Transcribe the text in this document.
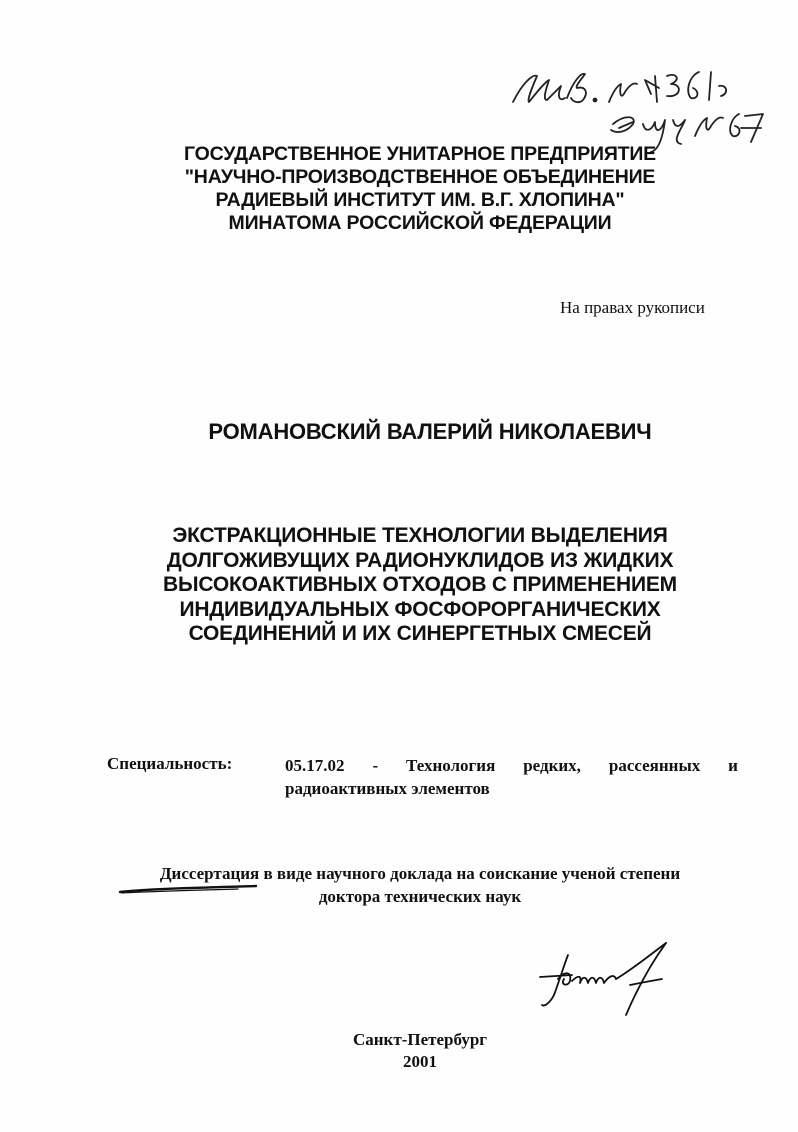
ГОСУДАРСТВЕННОЕ УНИТАРНОЕ ПРЕДПРИЯТИЕ
"НАУЧНО-ПРОИЗВОДСТВЕННОЕ ОБЪЕДИНЕНИЕ
РАДИЕВЫЙ ИНСТИТУТ ИМ. В.Г. ХЛОПИНА"
МИНАТОМА РОССИЙСКОЙ ФЕДЕРАЦИИ
На правах рукописи
РОМАНОВСКИЙ ВАЛЕРИЙ НИКОЛАЕВИЧ
ЭКСТРАКЦИОННЫЕ ТЕХНОЛОГИИ ВЫДЕЛЕНИЯ
ДОЛГОЖИВУЩИХ РАДИОНУКЛИДОВ ИЗ ЖИДКИХ
ВЫСОКОАКТИВНЫХ ОТХОДОВ С ПРИМЕНЕНИЕМ
ИНДИВИДУАЛЬНЫХ ФОСФОРОРГАНИЧЕСКИХ
СОЕДИНЕНИЙ И ИХ СИНЕРГЕТНЫХ СМЕСЕЙ
Специальность:	05.17.02 - Технология редких, рассеянных и
радиоактивных элементов
Диссертация в виде научного доклада на соискание ученой степени
доктора технических наук
Санкт-Петербург
2001
